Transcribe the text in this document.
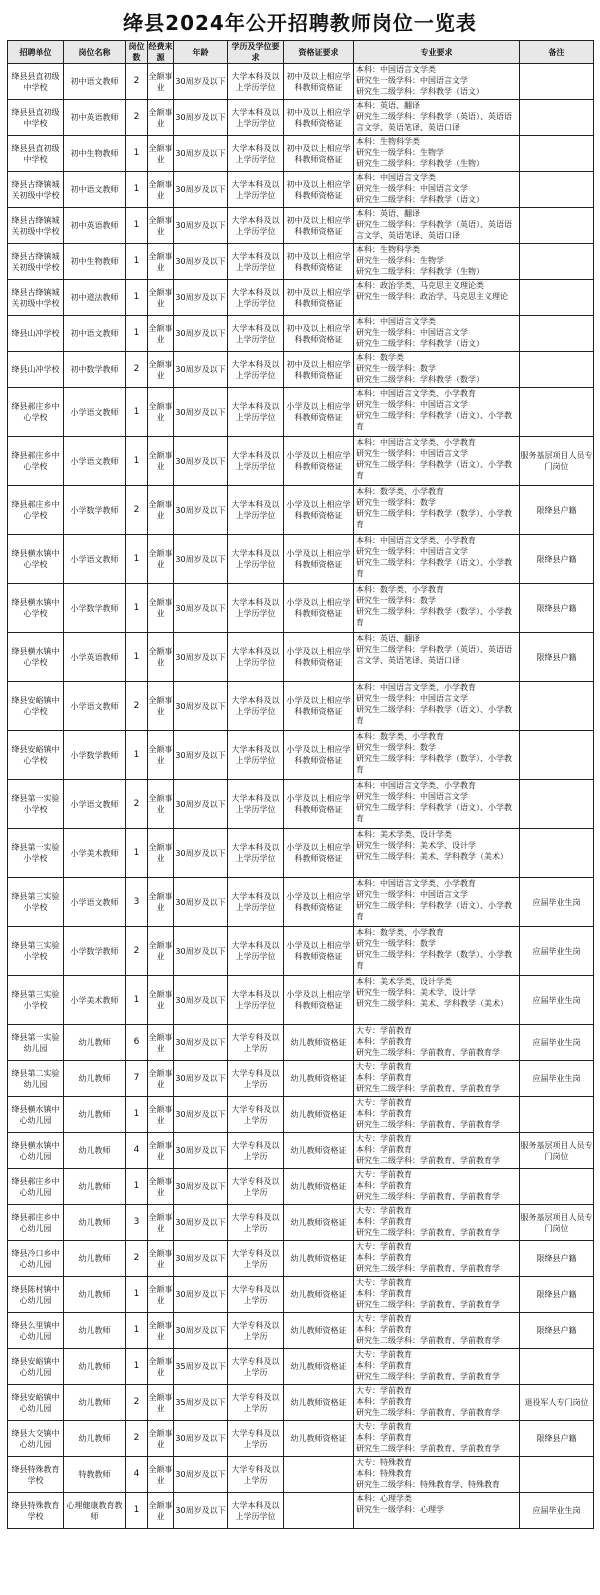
绛县2024年公开招聘教师岗位一览表
招聘单位	岗位名称	岗位数	经费来源	年龄	学历及学位要求	资格证要求	专业要求	备注
绛县县直初级中学校	初中语文教师	2	全额事业	30周岁及以下	大学本科及以上学历学位	初中及以上相应学科教师资格证	本科：中国语言文学类
研究生一级学科：中国语言文学
研究生二级学科：学科教学（语文）	
绛县县直初级中学校	初中英语教师	2	全额事业	30周岁及以下	大学本科及以上学历学位	初中及以上相应学科教师资格证	本科：英语、翻译
研究生二级学科：学科教学（英语）、英语语言文学、英语笔译、英语口译	
绛县县直初级中学校	初中生物教师	1	全额事业	30周岁及以下	大学本科及以上学历学位	初中及以上相应学科教师资格证	本科：生物科学类
研究生一级学科：生物学
研究生二级学科：学科教学（生物）	
绛县古绛镇城关初级中学校	初中语文教师	1	全额事业	30周岁及以下	大学本科及以上学历学位	初中及以上相应学科教师资格证	本科：中国语言文学类
研究生一级学科：中国语言文学
研究生二级学科：学科教学（语文）	
绛县古绛镇城关初级中学校	初中英语教师	1	全额事业	30周岁及以下	大学本科及以上学历学位	初中及以上相应学科教师资格证	本科：英语、翻译
研究生二级学科：学科教学（英语）、英语语言文学、英语笔译、英语口译	
绛县古绛镇城关初级中学校	初中生物教师	1	全额事业	30周岁及以下	大学本科及以上学历学位	初中及以上相应学科教师资格证	本科：生物科学类
研究生一级学科：生物学
研究生二级学科：学科教学（生物）	
绛县古绛镇城关初级中学校	初中道法教师	1	全额事业	30周岁及以下	大学本科及以上学历学位	初中及以上相应学科教师资格证	本科：政治学类、马克思主义理论类
研究生一级学科：政治学、马克思主义理论	
绛县山冲学校	初中语文教师	1	全额事业	30周岁及以下	大学本科及以上学历学位	初中及以上相应学科教师资格证	本科：中国语言文学类
研究生一级学科：中国语言文学
研究生二级学科：学科教学（语文）	
绛县山冲学校	初中数学教师	2	全额事业	30周岁及以下	大学本科及以上学历学位	初中及以上相应学科教师资格证	本科：数学类
研究生一级学科：数学
研究生二级学科：学科教学（数学）	
绛县郝庄乡中心学校	小学语文教师	1	全额事业	30周岁及以下	大学本科及以上学历学位	小学及以上相应学科教师资格证	本科：中国语言文学类、小学教育
研究生一级学科：中国语言文学
研究生二级学科：学科教学（语文）、小学教育	
绛县郝庄乡中心学校	小学语文教师	1	全额事业	30周岁及以下	大学本科及以上学历学位	小学及以上相应学科教师资格证	本科：中国语言文学类、小学教育
研究生一级学科：中国语言文学
研究生二级学科：学科教学（语文）、小学教育	服务基层项目人员专门岗位
绛县郝庄乡中心学校	小学数学教师	2	全额事业	30周岁及以下	大学本科及以上学历学位	小学及以上相应学科教师资格证	本科：数学类、小学教育
研究生一级学科：数学
研究生二级学科：学科教学（数学）、小学教育	限绛县户籍
绛县横水镇中心学校	小学语文教师	1	全额事业	30周岁及以下	大学本科及以上学历学位	小学及以上相应学科教师资格证	本科：中国语言文学类、小学教育
研究生一级学科：中国语言文学
研究生二级学科：学科教学（语文）、小学教育	限绛县户籍
绛县横水镇中心学校	小学数学教师	1	全额事业	30周岁及以下	大学本科及以上学历学位	小学及以上相应学科教师资格证	本科：数学类、小学教育
研究生一级学科：数学
研究生二级学科：学科教学（数学）、小学教育	限绛县户籍
绛县横水镇中心学校	小学英语教师	1	全额事业	30周岁及以下	大学本科及以上学历学位	小学及以上相应学科教师资格证	本科：英语、翻译
研究生二级学科：学科教学（英语）、英语语言文学、英语笔译、英语口译	限绛县户籍
绛县安峪镇中心学校	小学语文教师	2	全额事业	30周岁及以下	大学本科及以上学历学位	小学及以上相应学科教师资格证	本科：中国语言文学类、小学教育
研究生一级学科：中国语言文学
研究生二级学科：学科教学（语文）、小学教育	
绛县安峪镇中心学校	小学数学教师	1	全额事业	30周岁及以下	大学本科及以上学历学位	小学及以上相应学科教师资格证	本科：数学类、小学教育
研究生一级学科：数学
研究生二级学科：学科教学（数学）、小学教育	
绛县第一实验小学校	小学语文教师	2	全额事业	30周岁及以下	大学本科及以上学历学位	小学及以上相应学科教师资格证	本科：中国语言文学类、小学教育
研究生一级学科：中国语言文学
研究生二级学科：学科教学（语文）、小学教育	
绛县第一实验小学校	小学美术教师	1	全额事业	30周岁及以下	大学本科及以上学历学位	小学及以上相应学科教师资格证	本科：美术学类、设计学类
研究生一级学科：美术学、设计学
研究生二级学科：美术、学科教学（美术）	
绛县第三实验小学校	小学语文教师	3	全额事业	30周岁及以下	大学本科及以上学历学位	小学及以上相应学科教师资格证	本科：中国语言文学类、小学教育
研究生一级学科：中国语言文学
研究生二级学科：学科教学（语文）、小学教育	应届毕业生岗
绛县第三实验小学校	小学数学教师	2	全额事业	30周岁及以下	大学本科及以上学历学位	小学及以上相应学科教师资格证	本科：数学类、小学教育
研究生一级学科：数学
研究生二级学科：学科教学（数学）、小学教育	应届毕业生岗
绛县第三实验小学校	小学美术教师	1	全额事业	30周岁及以下	大学本科及以上学历学位	小学及以上相应学科教师资格证	本科：美术学类、设计学类
研究生一级学科：美术学、设计学
研究生二级学科：美术、学科教学（美术）	应届毕业生岗
绛县第一实验幼儿园	幼儿教师	6	全额事业	30周岁及以下	大学专科及以上学历	幼儿教师资格证	大专：学前教育
本科：学前教育
研究生二级学科：学前教育、学前教育学	应届毕业生岗
绛县第二实验幼儿园	幼儿教师	7	全额事业	30周岁及以下	大学专科及以上学历	幼儿教师资格证	大专：学前教育
本科：学前教育
研究生二级学科：学前教育、学前教育学	应届毕业生岗
绛县横水镇中心幼儿园	幼儿教师	1	全额事业	30周岁及以下	大学专科及以上学历	幼儿教师资格证	大专：学前教育
本科：学前教育
研究生二级学科：学前教育、学前教育学	
绛县横水镇中心幼儿园	幼儿教师	4	全额事业	30周岁及以下	大学专科及以上学历	幼儿教师资格证	大专：学前教育
本科：学前教育
研究生二级学科：学前教育、学前教育学	服务基层项目人员专门岗位
绛县郝庄乡中心幼儿园	幼儿教师	1	全额事业	30周岁及以下	大学专科及以上学历	幼儿教师资格证	大专：学前教育
本科：学前教育
研究生二级学科：学前教育、学前教育学	
绛县郝庄乡中心幼儿园	幼儿教师	3	全额事业	30周岁及以下	大学专科及以上学历	幼儿教师资格证	大专：学前教育
本科：学前教育
研究生二级学科：学前教育、学前教育学	服务基层项目人员专门岗位
绛县冷口乡中心幼儿园	幼儿教师	2	全额事业	30周岁及以下	大学专科及以上学历	幼儿教师资格证	大专：学前教育
本科：学前教育
研究生二级学科：学前教育、学前教育学	限绛县户籍
绛县陈村镇中心幼儿园	幼儿教师	1	全额事业	30周岁及以下	大学专科及以上学历	幼儿教师资格证	大专：学前教育
本科：学前教育
研究生二级学科：学前教育、学前教育学	限绛县户籍
绛县么里镇中心幼儿园	幼儿教师	1	全额事业	30周岁及以下	大学专科及以上学历	幼儿教师资格证	大专：学前教育
本科：学前教育
研究生二级学科：学前教育、学前教育学	限绛县户籍
绛县安峪镇中心幼儿园	幼儿教师	1	全额事业	35周岁及以下	大学专科及以上学历	幼儿教师资格证	大专：学前教育
本科：学前教育
研究生二级学科：学前教育、学前教育学	
绛县安峪镇中心幼儿园	幼儿教师	2	全额事业	35周岁及以下	大学专科及以上学历	幼儿教师资格证	大专：学前教育
本科：学前教育
研究生二级学科：学前教育、学前教育学	退役军人专门岗位
绛县大交镇中心幼儿园	幼儿教师	2	全额事业	30周岁及以下	大学专科及以上学历	幼儿教师资格证	大专：学前教育
本科：学前教育
研究生二级学科：学前教育、学前教育学	限绛县户籍
绛县特殊教育学校	特教教师	4	全额事业	30周岁及以下	大学专科及以上学历		大专：特殊教育
本科：特殊教育
研究生二级学科：特殊教育学、特殊教育	
绛县特殊教育学校	心理健康教育教师	1	全额事业	30周岁及以下	大学本科及以上学历学位		本科：心理学类
研究生一级学科：心理学	应届毕业生岗
